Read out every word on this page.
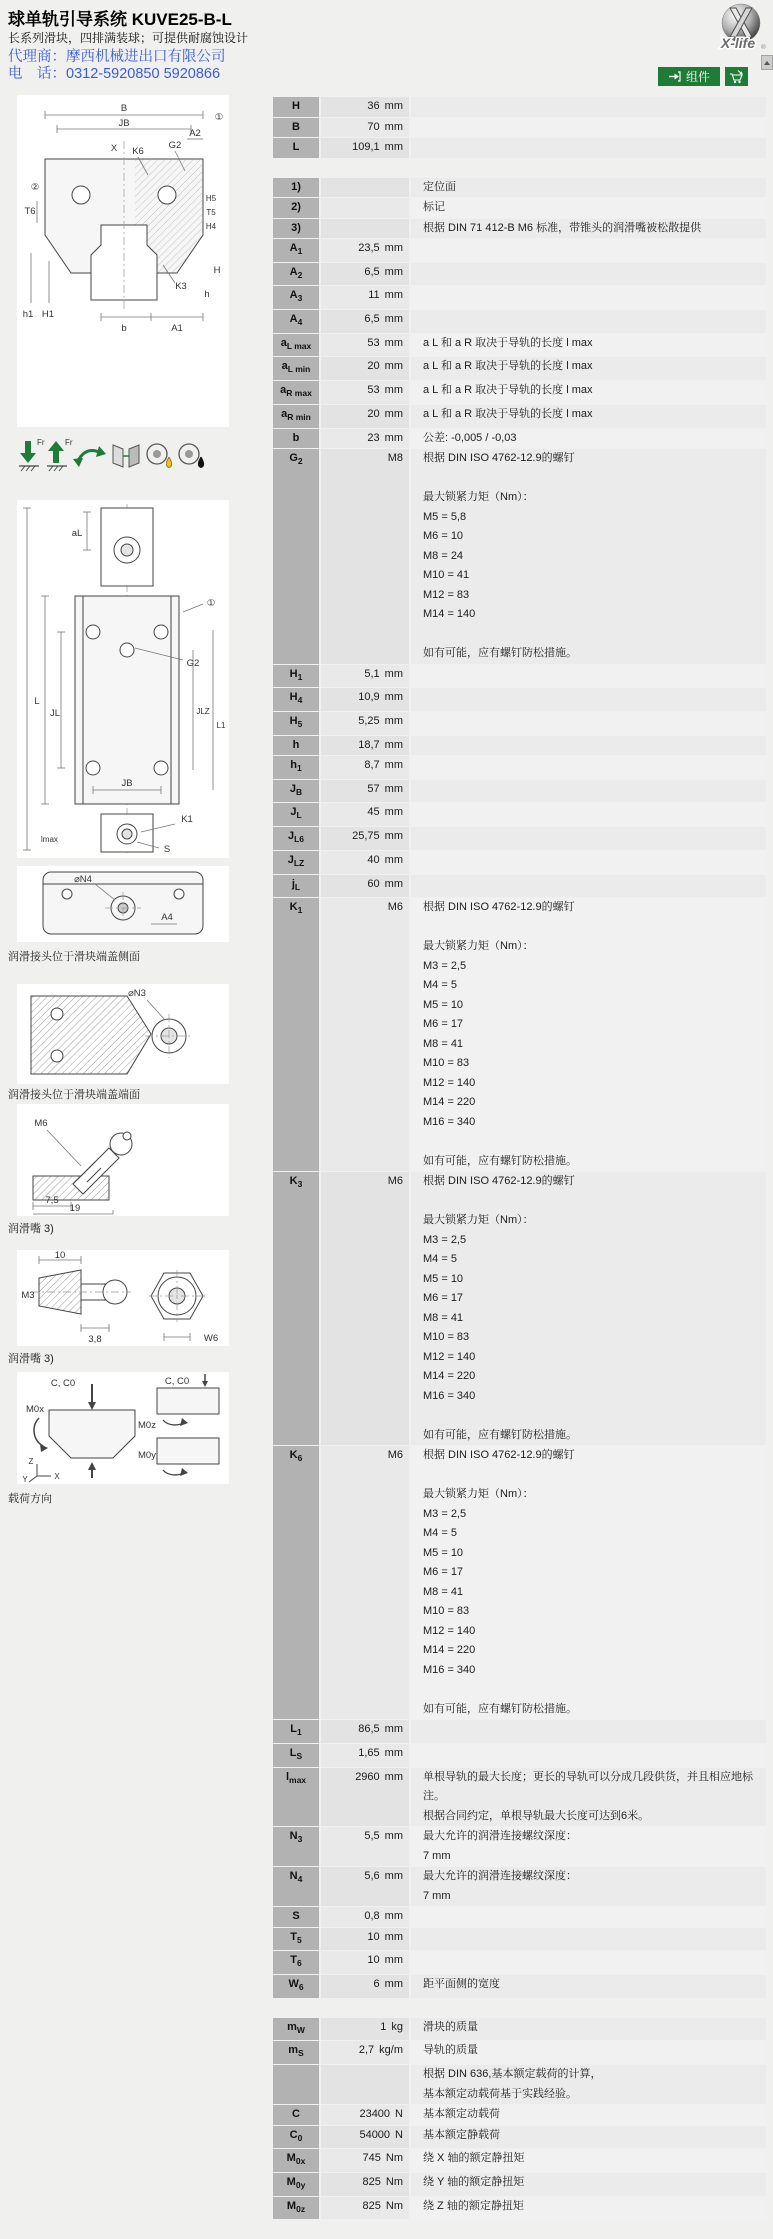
球单轨引导系统 KUVE25-B-L
长系列滑块，四排满装球；可提供耐腐蚀设计
代理商：摩西机械进出口有限公司
电　话：0312-5920850 5920866
X-life ®
组件
B
JB
A2
①
②
X K6
G2
T6
h1 H1
b	A1
K3
H5
T5
H4
H
h
Fr	Fr
aL
L
JL
G2
JB
JLZ
L1
lmax
K1
S
①
⌀N4
A4
润滑接头位于滑块端盖侧面
⌀N3
润滑接头位于滑块端盖端面
M6
7,5
19
润滑嘴 3)
10
M3
3,8	W6
润滑嘴 3)
C, C0
M0x
C, C0
M0z
M0y
Z
X
Y
载荷方向
H	36 mm
B	70 mm
L	109,1 mm
1)	定位面
2)	标记
3)	根据 DIN 71 412-B M6 标准，带锥头的润滑嘴被松散提供
$A_1$	23,5 mm
$A_2$	6,5 mm
$A_3$	11 mm
$A_4$	6,5 mm
$a_{L max}$	53 mm	a L 和 a R 取决于导轨的长度 l max
$a_{L min}$	20 mm	a L 和 a R 取决于导轨的长度 l max
$a_{R max}$	53 mm	a L 和 a R 取决于导轨的长度 l max
$a_{R min}$	20 mm	a L 和 a R 取决于导轨的长度 l max
b	23 mm	公差: -0,005 / -0,03
$G_2$	M8	根据 DIN ISO 4762-12.9的螺钉
最大锁紧力矩（Nm）：
M5 = 5,8
M6 = 10
M8 = 24
M10 = 41
M12 = 83
M14 = 140
如有可能，应有螺钉防松措施。
$H_1$	5,1 mm
$H_4$	10,9 mm
$H_5$	5,25 mm
h	18,7 mm
$h_1$	8,7 mm
$J_B$	57 mm
$J_L$	45 mm
$J_{L6}$	25,75 mm
$J_{LZ}$	40 mm
$j_L$	60 mm
$K_1$	M6	根据 DIN ISO 4762-12.9的螺钉
最大锁紧力矩（Nm）：
M3 = 2,5
M4 = 5
M5 = 10
M6 = 17
M8 = 41
M10 = 83
M12 = 140
M14 = 220
M16 = 340
如有可能，应有螺钉防松措施。
$K_3$	M6	根据 DIN ISO 4762-12.9的螺钉
最大锁紧力矩（Nm）：
M3 = 2,5
M4 = 5
M5 = 10
M6 = 17
M8 = 41
M10 = 83
M12 = 140
M14 = 220
M16 = 340
如有可能，应有螺钉防松措施。
$K_6$	M6	根据 DIN ISO 4762-12.9的螺钉
最大锁紧力矩（Nm）：
M3 = 2,5
M4 = 5
M5 = 10
M6 = 17
M8 = 41
M10 = 83
M12 = 140
M14 = 220
M16 = 340
如有可能，应有螺钉防松措施。
$L_1$	86,5 mm
$L_S$	1,65 mm
$l_{max}$	2960 mm	单根导轨的最大长度；更长的导轨可以分成几段供货，并且相应地标注。
根据合同约定，单根导轨最大长度可达到6米。
$N_3$	5,5 mm	最大允许的润滑连接螺纹深度：
7 mm
$N_4$	5,6 mm	最大允许的润滑连接螺纹深度：
7 mm
S	0,8 mm
$T_5$	10 mm
$T_6$	10 mm
$W_6$	6 mm	距平面侧的宽度
$m_W$	1 kg	滑块的质量
$m_S$	2,7 kg/m	导轨的质量
根据 DIN 636,基本额定载荷的计算，
基本额定动载荷基于实践经验。
C	23400 N	基本额定动载荷
$C_0$	54000 N	基本额定静载荷
$M_{0x}$	745 Nm	绕 X 轴的额定静扭矩
$M_{0y}$	825 Nm	绕 Y 轴的额定静扭矩
$M_{0z}$	825 Nm	绕 Z 轴的额定静扭矩
